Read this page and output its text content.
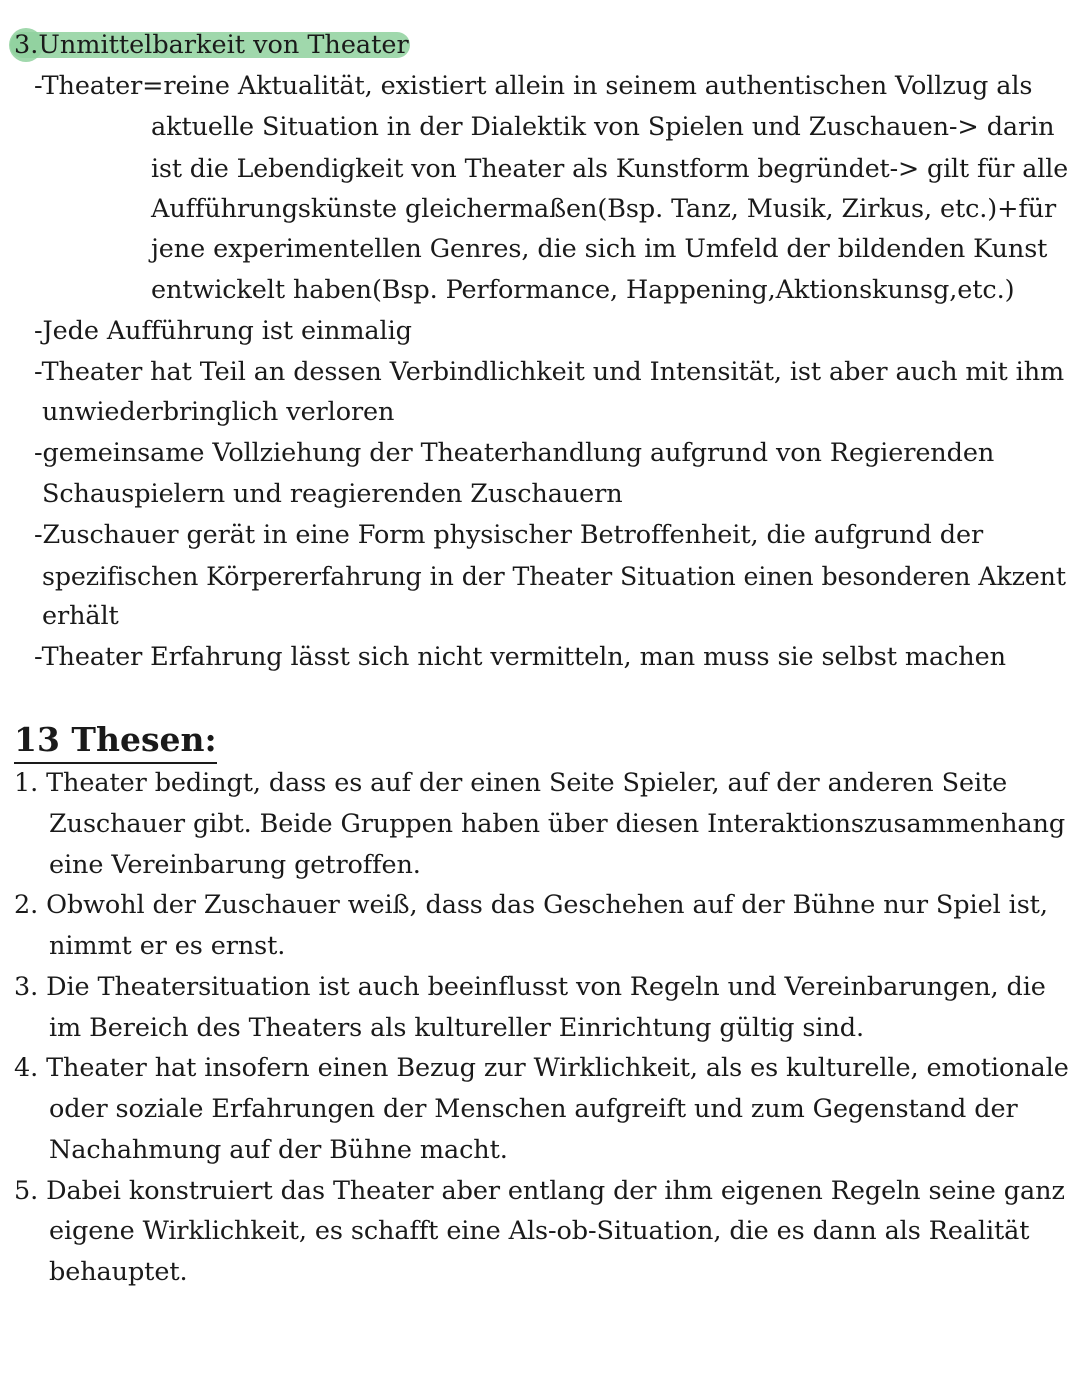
3.Unmittelbarkeit von Theater
-Theater=reine Aktualität, existiert allein in seinem authentischen Vollzug als
aktuelle Situation in der Dialektik von Spielen und Zuschauen-> darin
ist die Lebendigkeit von Theater als Kunstform begründet-> gilt für alle
Aufführungskünste gleichermaßen(Bsp. Tanz, Musik, Zirkus, etc.)+für
jene experimentellen Genres, die sich im Umfeld der bildenden Kunst
entwickelt haben(Bsp. Performance, Happening,Aktionskunsg,etc.)
-Jede Aufführung ist einmalig
-Theater hat Teil an dessen Verbindlichkeit und Intensität, ist aber auch mit ihm
unwiederbringlich verloren
-gemeinsame Vollziehung der Theaterhandlung aufgrund von Regierenden
Schauspielern und reagierenden Zuschauern
-Zuschauer gerät in eine Form physischer Betroffenheit, die aufgrund der
spezifischen Körpererfahrung in der Theater Situation einen besonderen Akzent
erhält
-Theater Erfahrung lässt sich nicht vermitteln, man muss sie selbst machen
13 Thesen:
1. Theater bedingt, dass es auf der einen Seite Spieler, auf der anderen Seite
Zuschauer gibt. Beide Gruppen haben über diesen Interaktionszusammenhang
eine Vereinbarung getroffen.
2. Obwohl der Zuschauer weiß, dass das Geschehen auf der Bühne nur Spiel ist,
nimmt er es ernst.
3. Die Theatersituation ist auch beeinflusst von Regeln und Vereinbarungen, die
im Bereich des Theaters als kultureller Einrichtung gültig sind.
4. Theater hat insofern einen Bezug zur Wirklichkeit, als es kulturelle, emotionale
oder soziale Erfahrungen der Menschen aufgreift und zum Gegenstand der
Nachahmung auf der Bühne macht.
5. Dabei konstruiert das Theater aber entlang der ihm eigenen Regeln seine ganz
eigene Wirklichkeit, es schafft eine Als-ob-Situation, die es dann als Realität
behauptet.
